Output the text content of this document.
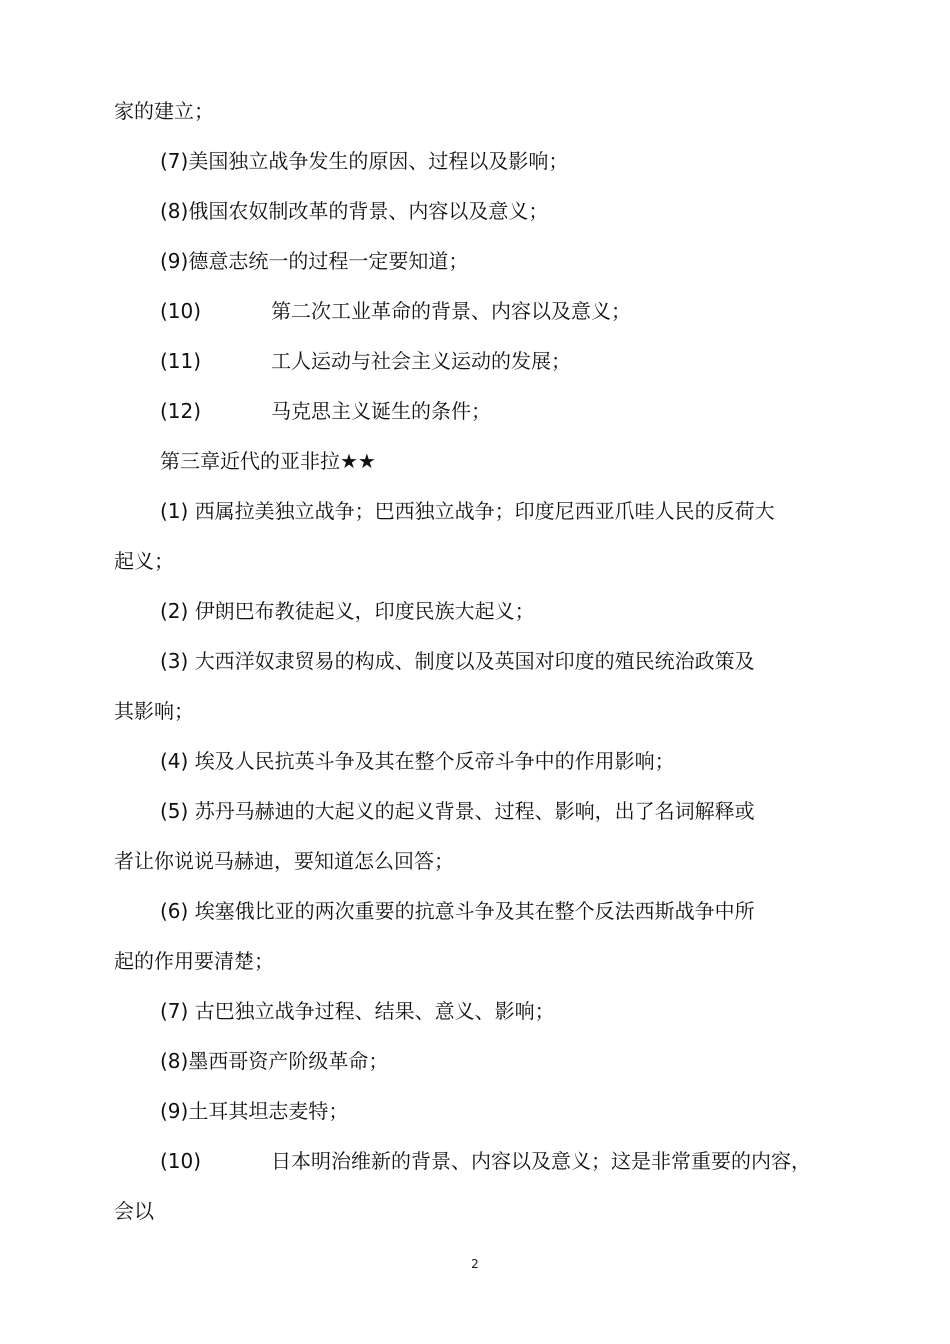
家的建立；
(7)美国独立战争发生的原因、过程以及影响；
(8)俄国农奴制改革的背景、内容以及意义；
(9)德意志统一的过程一定要知道；
(10)	第二次工业革命的背景、内容以及意义；
(11)	工人运动与社会主义运动的发展；
(12)	马克思主义诞生的条件；
第三章近代的亚非拉★★
(1) 西属拉美独立战争；巴西独立战争；印度尼西亚爪哇人民的反荷大
起义；
(2) 伊朗巴布教徒起义，印度民族大起义；
(3) 大西洋奴隶贸易的构成、制度以及英国对印度的殖民统治政策及
其影响；
(4) 埃及人民抗英斗争及其在整个反帝斗争中的作用影响；
(5) 苏丹马赫迪的大起义的起义背景、过程、影响，出了名词解释或
者让你说说马赫迪，要知道怎么回答；
(6) 埃塞俄比亚的两次重要的抗意斗争及其在整个反法西斯战争中所
起的作用要清楚；
(7) 古巴独立战争过程、结果、意义、影响；
(8)墨西哥资产阶级革命；
(9)土耳其坦志麦特；
(10)	日本明治维新的背景、内容以及意义；这是非常重要的内容，
会以
2
